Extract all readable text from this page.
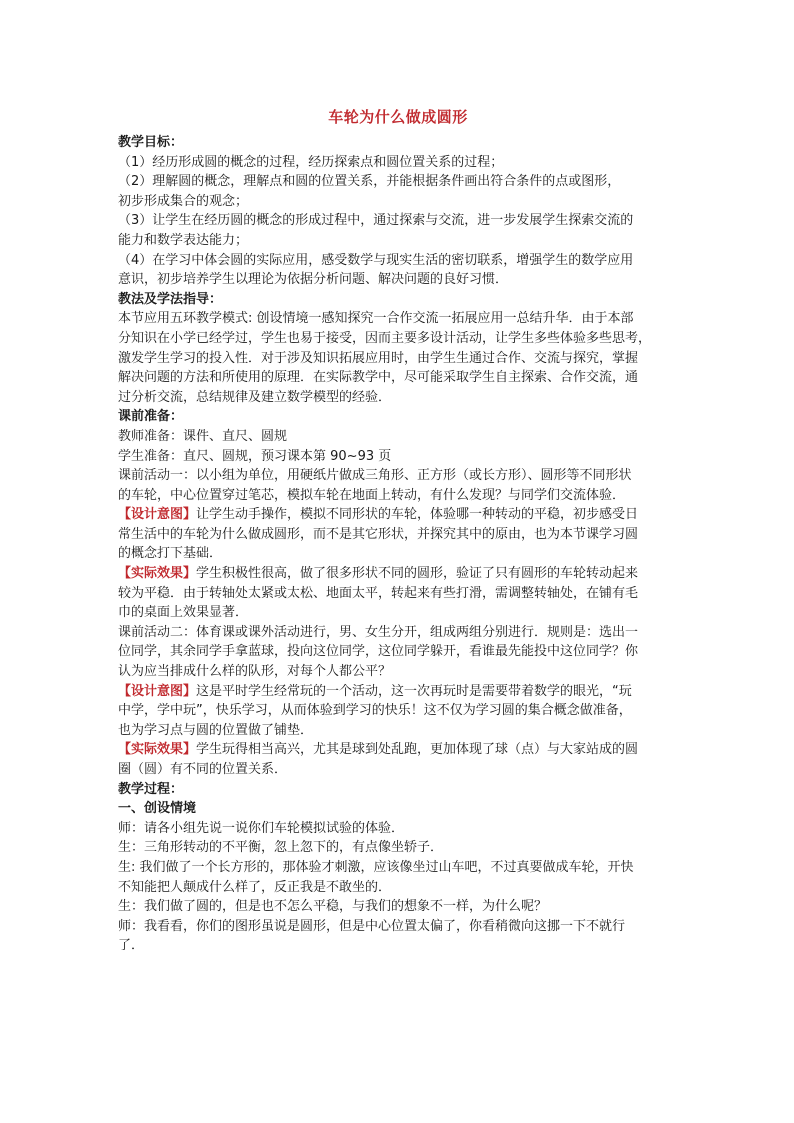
车轮为什么做成圆形

教学目标：

（1）经历形成圆的概念的过程，经历探索点和圆位置关系的过程；

（2）理解圆的概念，理解点和圆的位置关系，并能根据条件画出符合条件的点或图形，

初步形成集合的观念；

（3）让学生在经历圆的概念的形成过程中，通过探索与交流，进一步发展学生探索交流的

能力和数学表达能力；

（4）在学习中体会圆的实际应用，感受数学与现实生活的密切联系，增强学生的数学应用

意识，初步培养学生以理论为依据分析问题、解决问题的良好习惯．

教法及学法指导：

本节应用五环教学模式: 创设情境一感知探究一合作交流一拓展应用一总结升华．由于本部

分知识在小学已经学过，学生也易于接受，因而主要多设计活动，让学生多些体验多些思考，

激发学生学习的投入性．对于涉及知识拓展应用时，由学生生通过合作、交流与探究，掌握

解决问题的方法和所使用的原理．在实际教学中，尽可能采取学生自主探索、合作交流，通

过分析交流，总结规律及建立数学模型的经验．

课前准备：

教师准备：课件、直尺、圆规

学生准备：直尺、圆规，预习课本第 90~93 页

课前活动一：以小组为单位，用硬纸片做成三角形、正方形（或长方形）、圆形等不同形状

的车轮，中心位置穿过笔芯，模拟车轮在地面上转动，有什么发现？与同学们交流体验．

【设计意图】让学生动手操作，模拟不同形状的车轮，体验哪一种转动的平稳，初步感受日

常生活中的车轮为什么做成圆形，而不是其它形状，并探究其中的原由，也为本节课学习圆

的概念打下基础．

【实际效果】学生积极性很高，做了很多形状不同的圆形，验证了只有圆形的车轮转动起来

较为平稳．由于转轴处太紧或太松、地面太平，转起来有些打滑，需调整转轴处，在铺有毛

巾的桌面上效果显著．

课前活动二：体育课或课外活动进行，男、女生分开，组成两组分别进行．规则是：选出一

位同学，其余同学手拿蓝球，投向这位同学，这位同学躲开，看谁最先能投中这位同学？你

认为应当排成什么样的队形，对每个人都公平？

【设计意图】这是平时学生经常玩的一个活动，这一次再玩时是需要带着数学的眼光，“玩

中学，学中玩”，快乐学习，从而体验到学习的快乐！这不仅为学习圆的集合概念做准备，

也为学习点与圆的位置做了铺垫．

【实际效果】学生玩得相当高兴，尤其是球到处乱跑，更加体现了球（点）与大家站成的圆

圈（圆）有不同的位置关系．

教学过程：

一、创设情境

师：请各小组先说一说你们车轮模拟试验的体验．

生：三角形转动的不平衡，忽上忽下的，有点像坐轿子．

生: 我们做了一个长方形的，那体验才刺激，应该像坐过山车吧，不过真要做成车轮，开快

不知能把人颠成什么样了，反正我是不敢坐的．

生：我们做了圆的，但是也不怎么平稳，与我们的想象不一样，为什么呢？

师：我看看，你们的图形虽说是圆形，但是中心位置太偏了，你看稍微向这挪一下不就行

了．
